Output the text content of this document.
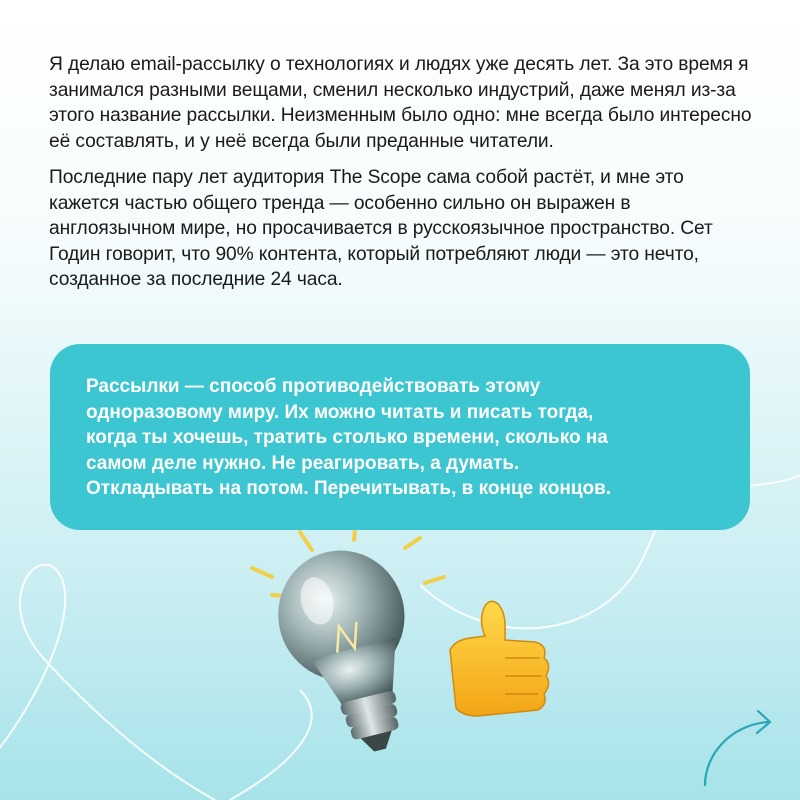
Я делаю email-рассылку о технологиях и людях уже десять лет. За это время я занимался разными вещами, сменил несколько индустрий, даже менял из-за этого название рассылки. Неизменным было одно: мне всегда было интересно её составлять, и у неё всегда были преданные читатели.

Последние пару лет аудитория The Scope сама собой растёт, и мне это кажется частью общего тренда — особенно сильно он выражен в англоязычном мире, но просачивается в русскоязычное пространство. Сет Годин говорит, что 90% контента, который потребляют люди — это нечто, созданное за последние 24 часа.

Рассылки — способ противодействовать этому одноразовому миру. Их можно читать и писать тогда, когда ты хочешь, тратить столько времени, сколько на самом деле нужно. Не реагировать, а думать. Откладывать на потом. Перечитывать, в конце концов.
